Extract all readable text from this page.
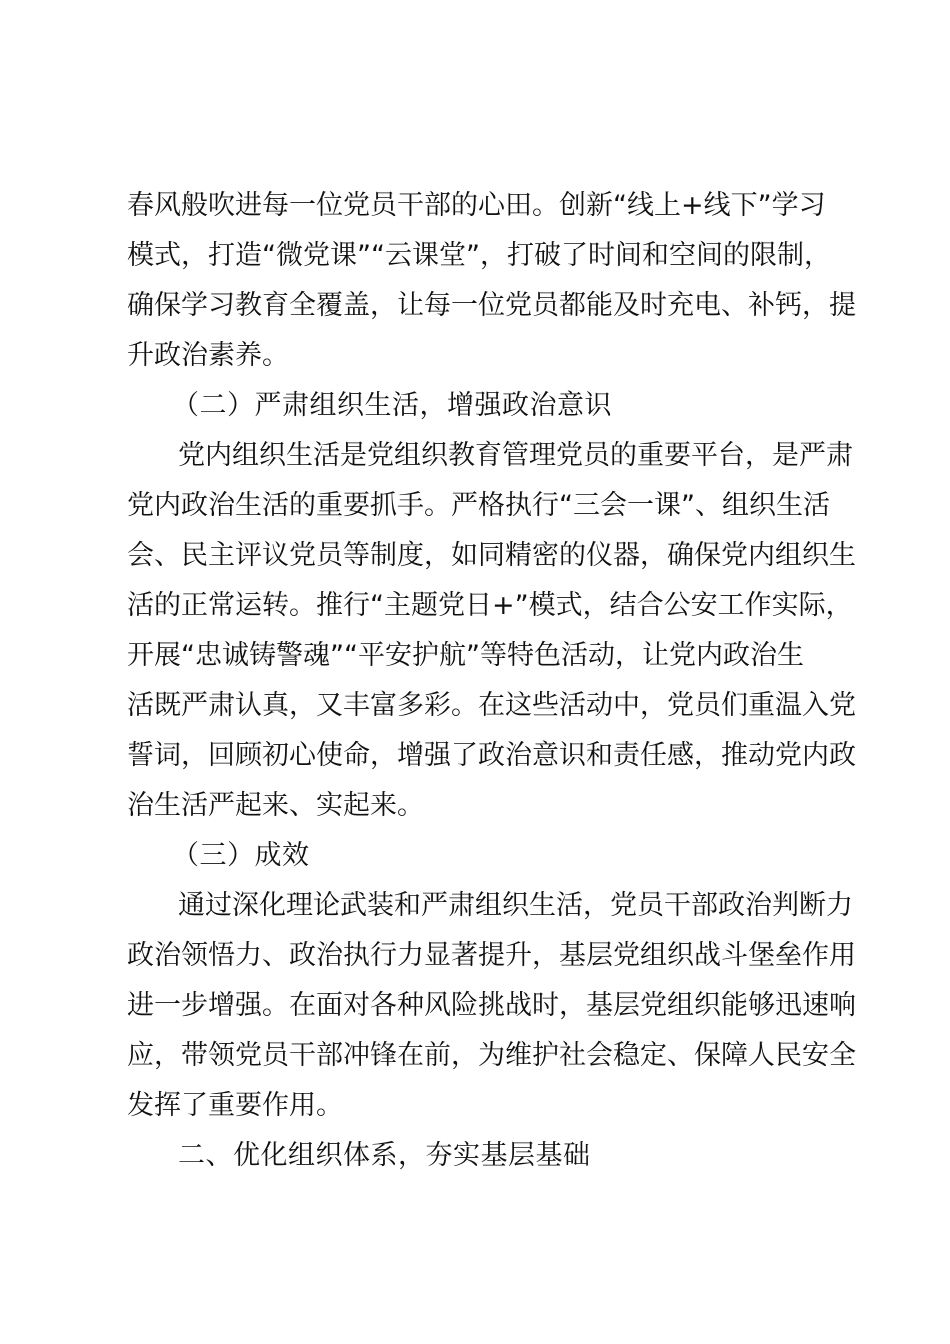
春风般吹进每一位党员干部的心田。创新“线上+线下”学习
模式，打造“微党课”“云课堂”，打破了时间和空间的限制，
确保学习教育全覆盖，让每一位党员都能及时充电、补钙，提
升政治素养。
（二）严肃组织生活，增强政治意识
党内组织生活是党组织教育管理党员的重要平台，是严肃
党内政治生活的重要抓手。严格执行“三会一课”、组织生活
会、民主评议党员等制度，如同精密的仪器，确保党内组织生
活的正常运转。推行“主题党日+”模式，结合公安工作实际，
开展“忠诚铸警魂”“平安护航”等特色活动，让党内政治生
活既严肃认真，又丰富多彩。在这些活动中，党员们重温入党
誓词，回顾初心使命，增强了政治意识和责任感，推动党内政
治生活严起来、实起来。
（三）成效
通过深化理论武装和严肃组织生活，党员干部政治判断力
政治领悟力、政治执行力显著提升，基层党组织战斗堡垒作用
进一步增强。在面对各种风险挑战时，基层党组织能够迅速响
应，带领党员干部冲锋在前，为维护社会稳定、保障人民安全
发挥了重要作用。
二、优化组织体系，夯实基层基础
